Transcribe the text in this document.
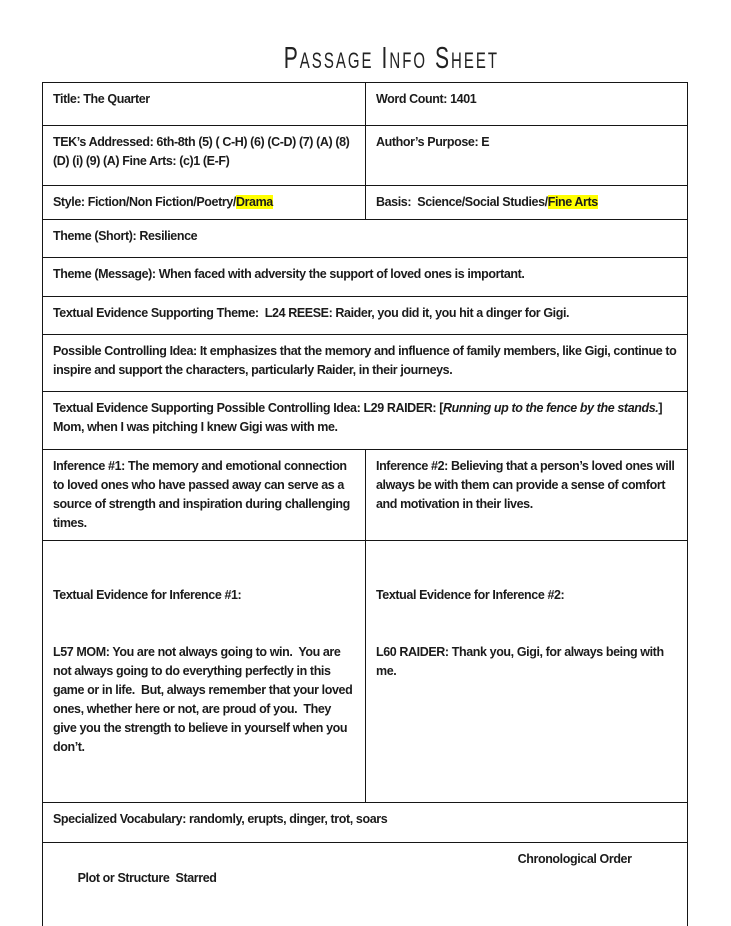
Passage Info Sheet
Title: The Quarter	Word Count: 1401
TEK’s Addressed: 6th-8th (5) ( C-H) (6) (C-D) (7) (A) (8) (D) (i) (9) (A) Fine Arts: (c)1 (E-F)
Author’s Purpose: E
Style: Fiction/Non Fiction/Poetry/Drama	Basis:  Science/Social Studies/Fine Arts
Theme (Short): Resilience
Theme (Message): When faced with adversity the support of loved ones is important.
Textual Evidence Supporting Theme:  L24 REESE: Raider, you did it, you hit a dinger for Gigi.
Possible Controlling Idea: It emphasizes that the memory and influence of family members, like Gigi, continue to inspire and support the characters, particularly Raider, in their journeys.
Textual Evidence Supporting Possible Controlling Idea: L29 RAIDER: [Running up to the fence by the stands.] Mom, when I was pitching I knew Gigi was with me.
Inference #1: The memory and emotional connection to loved ones who have passed away can serve as a source of strength and inspiration during challenging times.
Inference #2: Believing that a person’s loved ones will always be with them can provide a sense of comfort and motivation in their lives.

Textual Evidence for Inference #1:

L57 MOM: You are not always going to win.  You are not always going to do everything perfectly in this game or in life.  But, always remember that your loved ones, whether here or not, are proud of you.  They give you the strength to believe in yourself when you don’t.

Textual Evidence for Inference #2:

L60 RAIDER: Thank you, Gigi, for always being with me.

Specialized Vocabulary: randomly, erupts, dinger, trot, soars

Plot or Structure  Starred

Chronological Order
